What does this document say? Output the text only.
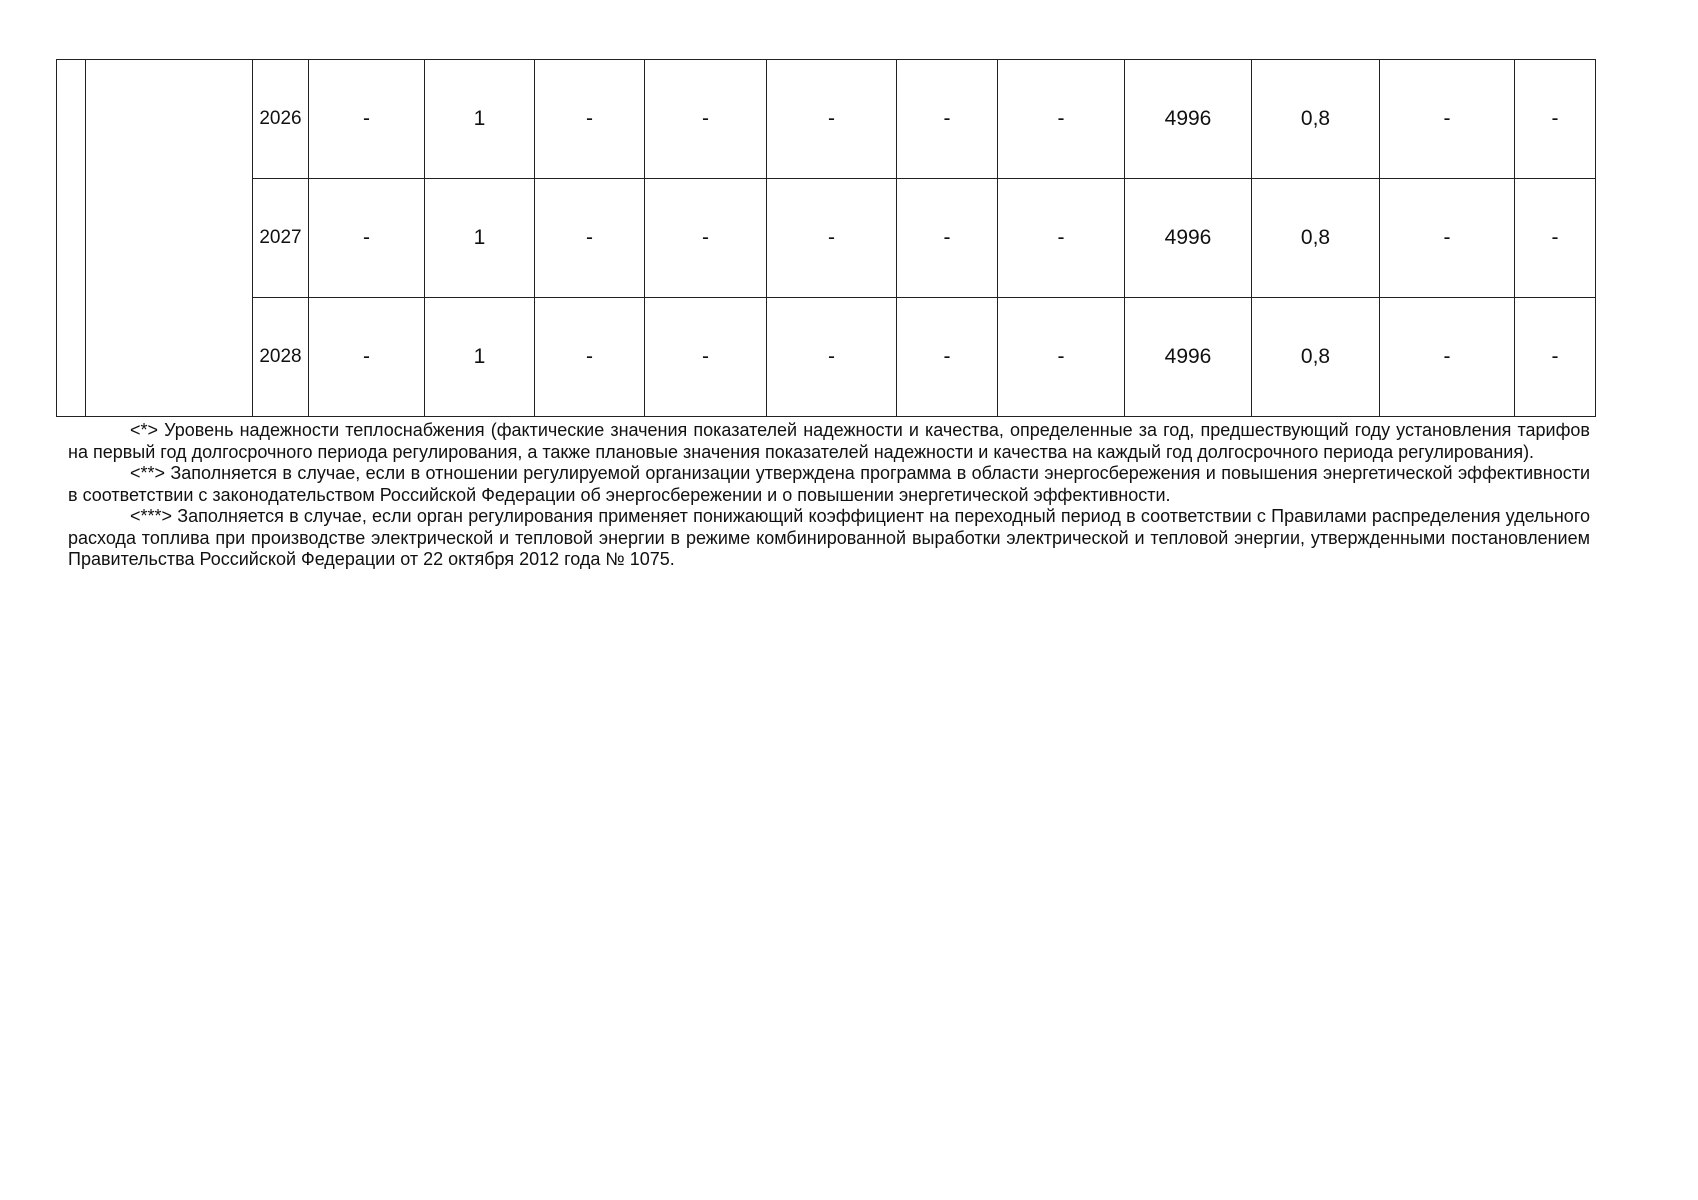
		2026	-	1	-	-	-	-	-	4996	0,8	-	-
		2027	-	1	-	-	-	-	-	4996	0,8	-	-
		2028	-	1	-	-	-	-	-	4996	0,8	-	-

<*> Уровень надежности теплоснабжения (фактические значения показателей надежности и качества, определенные за год, предшествующий году установления тарифов на первый год долгосрочного периода регулирования, а также плановые значения показателей надежности и качества на каждый год долгосрочного периода регулирования).

<**> Заполняется в случае, если в отношении регулируемой организации утверждена программа в области энергосбережения и повышения энергетической эффективности в соответствии с законодательством Российской Федерации об энергосбережении и о повышении энергетической эффективности.

<***> Заполняется в случае, если орган регулирования применяет понижающий коэффициент на переходный период в соответствии с Правилами распределения удельного расхода топлива при производстве электрической и тепловой энергии в режиме комбинированной выработки электрической и тепловой энергии, утвержденными постановлением Правительства Российской Федерации от 22 октября 2012 года № 1075.
